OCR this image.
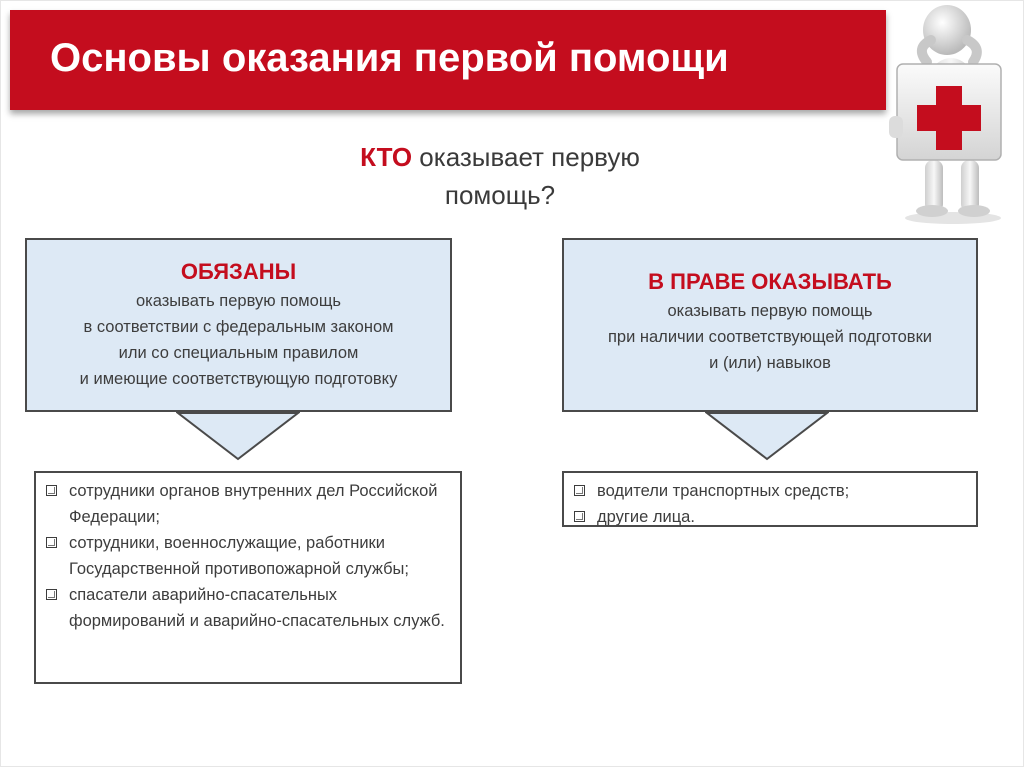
Основы оказания первой помощи
КТО оказывает первую помощь?
ОБЯЗАНЫ
оказывать первую помощь
в соответствии с федеральным законом
или со специальным правилом
и имеющие соответствующую подготовку
В ПРАВЕ ОКАЗЫВАТЬ
оказывать первую помощь
при наличии соответствующей подготовки
и (или) навыков
сотрудники органов внутренних дел Российской Федерации;
сотрудники, военнослужащие, работники Государственной противопожарной службы;
спасатели аварийно-спасательных формирований и аварийно-спасательных служб.
водители транспортных средств;
другие лица.
